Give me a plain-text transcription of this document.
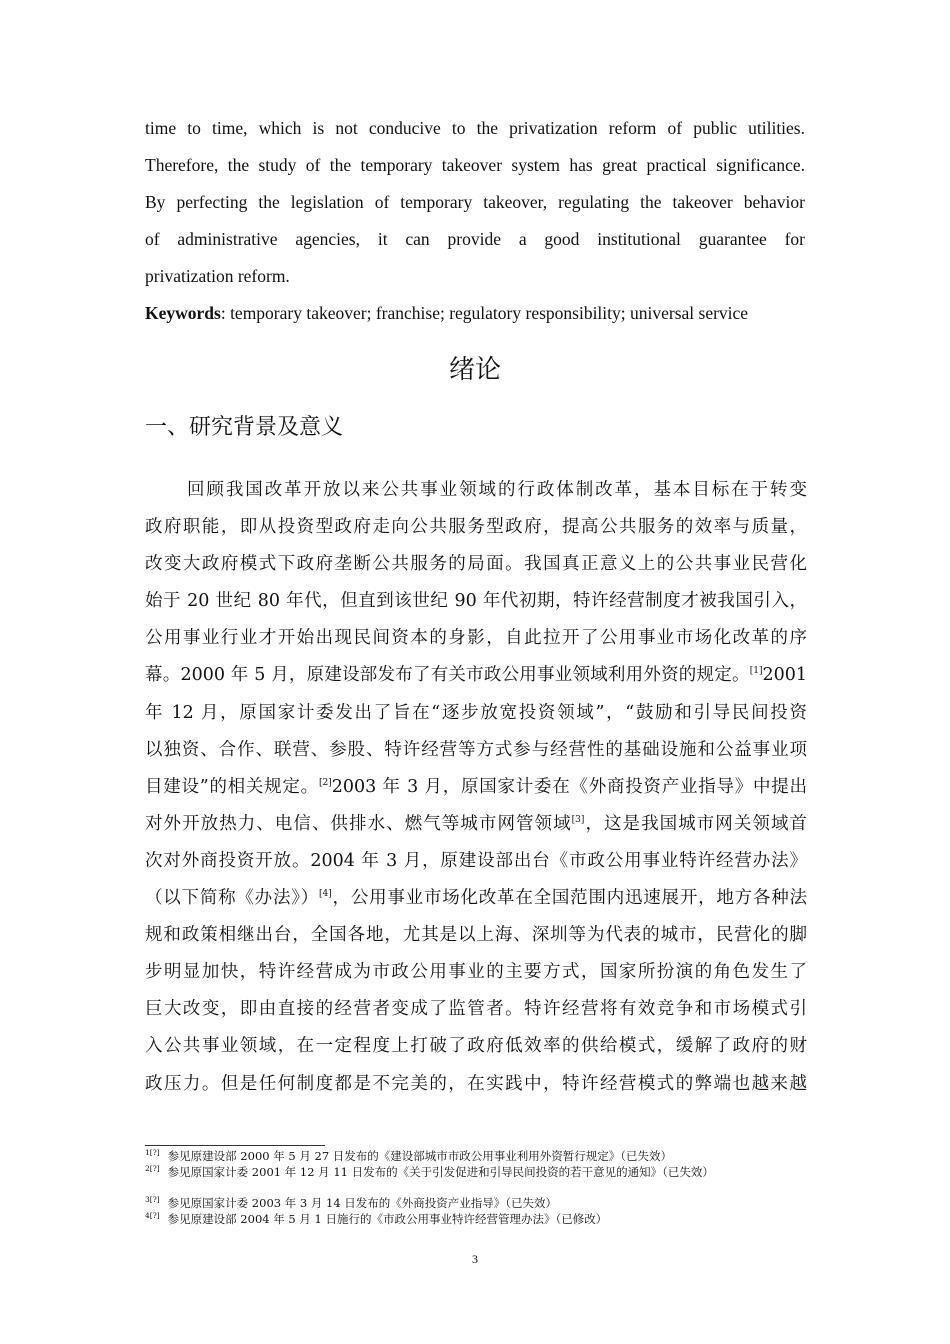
time to time, which is not conducive to the privatization reform of public utilities.
Therefore, the study of the temporary takeover system has great practical significance.
By perfecting the legislation of temporary takeover, regulating the takeover behavior
of administrative agencies, it can provide a good institutional guarantee for
privatization reform.
Keywords: temporary takeover; franchise; regulatory responsibility; universal service
绪论
一、研究背景及意义
回顾我国改革开放以来公共事业领域的行政体制改革，基本目标在于转变
政府职能，即从投资型政府走向公共服务型政府，提高公共服务的效率与质量，
改变大政府模式下政府垄断公共服务的局面。我国真正意义上的公共事业民营化
始于 20 世纪 80 年代，但直到该世纪 90 年代初期，特许经营制度才被我国引入，
公用事业行业才开始出现民间资本的身影，自此拉开了公用事业市场化改革的序
幕。2000 年 5 月，原建设部发布了有关市政公用事业领域利用外资的规定。[1]2001
年 12 月，原国家计委发出了旨在“逐步放宽投资领域”，“鼓励和引导民间投资
以独资、合作、联营、参股、特许经营等方式参与经营性的基础设施和公益事业项
目建设”的相关规定。[2]2003 年 3 月，原国家计委在《外商投资产业指导》中提出
对外开放热力、电信、供排水、燃气等城市网管领域[3]，这是我国城市网关领域首
次对外商投资开放。2004 年 3 月，原建设部出台《市政公用事业特许经营办法》
（以下简称《办法》）[4]，公用事业市场化改革在全国范围内迅速展开，地方各种法
规和政策相继出台，全国各地，尤其是以上海、深圳等为代表的城市，民营化的脚
步明显加快，特许经营成为市政公用事业的主要方式，国家所扮演的角色发生了
巨大改变，即由直接的经营者变成了监管者。特许经营将有效竞争和市场模式引
入公共事业领域，在一定程度上打破了政府低效率的供给模式，缓解了政府的财
政压力。但是任何制度都是不完美的，在实践中，特许经营模式的弊端也越来越
$^{1[?]}$ 参见原建设部 2000 年 5 月 27 日发布的《建设部城市市政公用事业利用外资暂行规定》（已失效）
$^{2[?]}$ 参见原国家计委 2001 年 12 月 11 日发布的《关于引发促进和引导民间投资的若干意见的通知》（已失效）
$^{3[?]}$ 参见原国家计委 2003 年 3 月 14 日发布的《外商投资产业指导》（已失效）
$^{4[?]}$ 参见原建设部 2004 年 5 月 1 日施行的《市政公用事业特许经营管理办法》（已修改）
3
